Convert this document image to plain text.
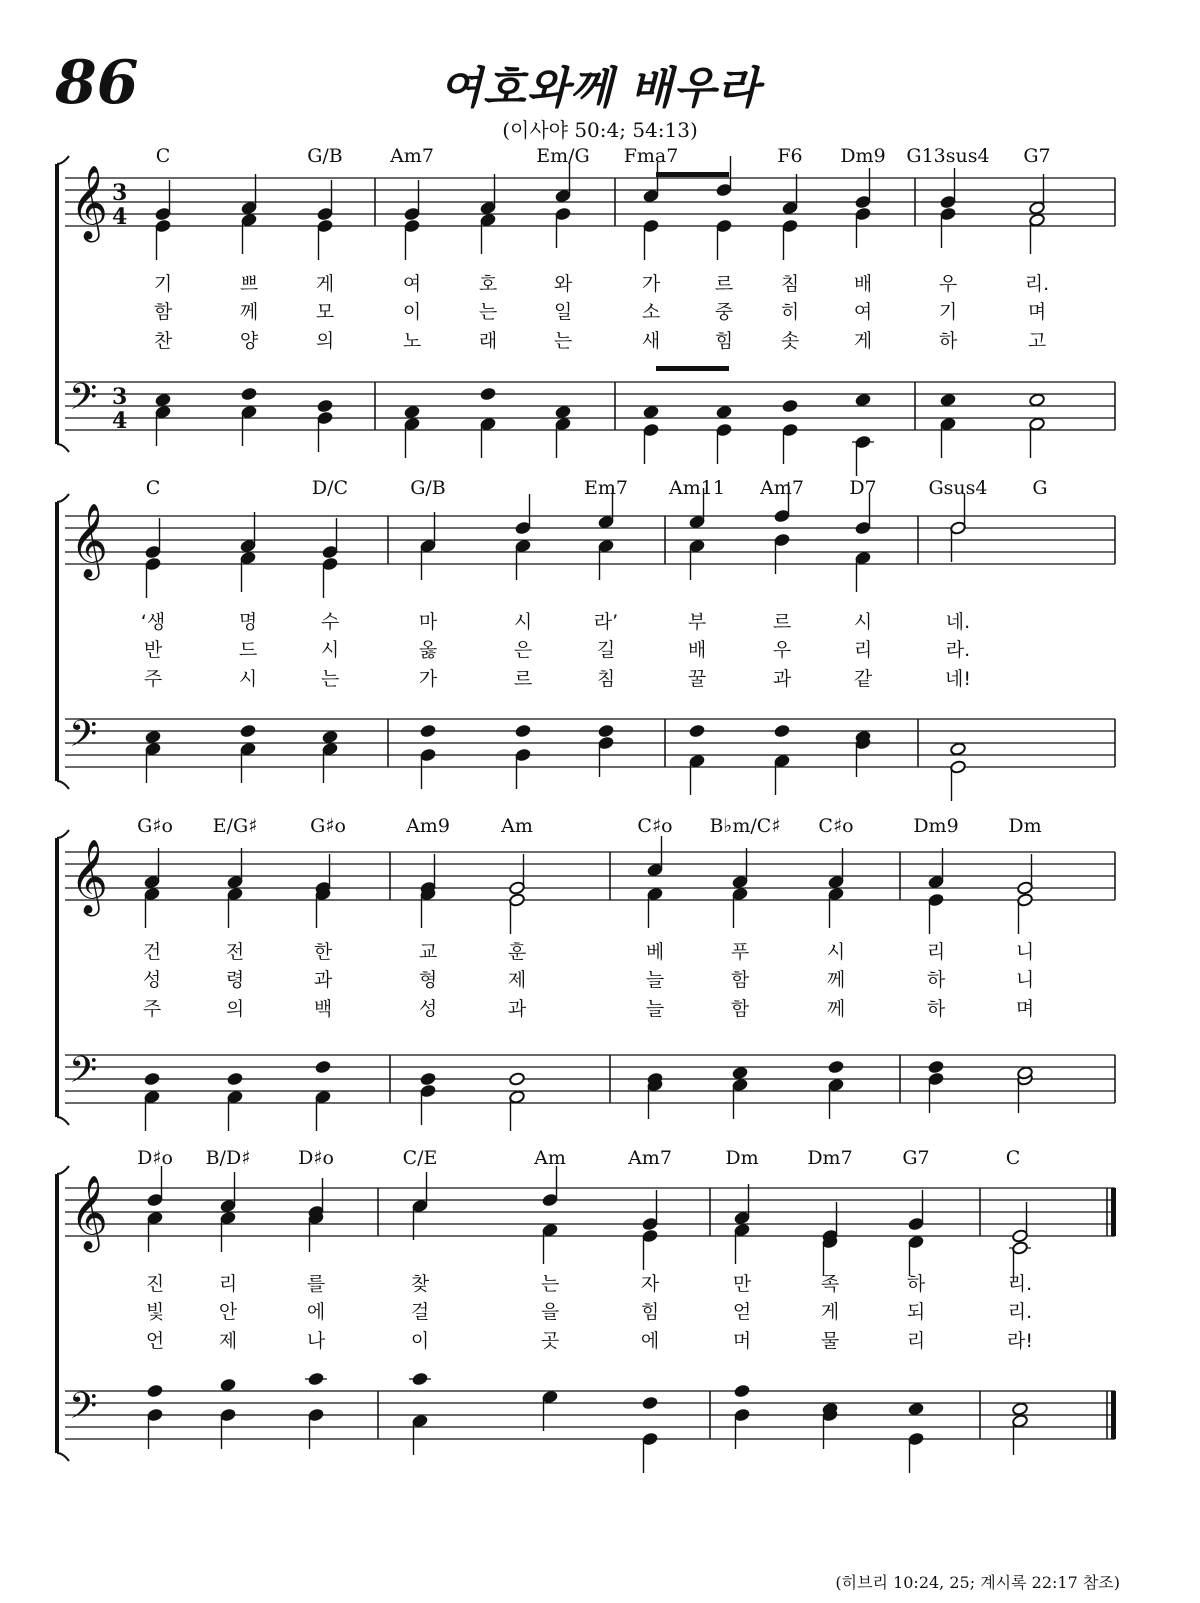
86	여호와께 배우라
(이사야 50:4; 54:13)
𝄞
𝄢
3
4
3
4
C	G/B Am7	Em/G Fma7	F6 Dm9 G13sus4 G7
기	쁘	게	여	호	와	가	르	침	배	우	리.
함	께	모	이	는	일	소	중	히	여	기	며
찬	양	의	노	래	는	새	힘	솟	게	하	고
𝄞
𝄢
C	D/C	G/B	Em7 Am11 Am7 D7	Gsus4 G
‘생	명	수	마	시	라’	부	르	시	네.
반	드	시	옳	은	길	배	우	리	라.
주	시	는	가	르	침	꿀	과	같	네!
𝄞
𝄢
G♯o E/G♯	G♯o	Am9	Am	C♯o B♭m/C♯ C♯o	Dm9	Dm
건	전	한	교	훈	베	푸	시	리	니
성	령	과	형	제	늘	함	께	하	니
주	의	백	성	과	늘	함	께	하	며
𝄞
𝄢
D♯o B/D♯	D♯o	C/E	Am	Am7	Dm	Dm7	G7	C
진	리	를	찾	는	자	만	족	하	리.
빛	안	에	걸	을	힘	얻	게	되	리.
언	제	나	이	곳	에	머	물	리	라!
(히브리 10:24, 25; 계시록 22:17 참조)
